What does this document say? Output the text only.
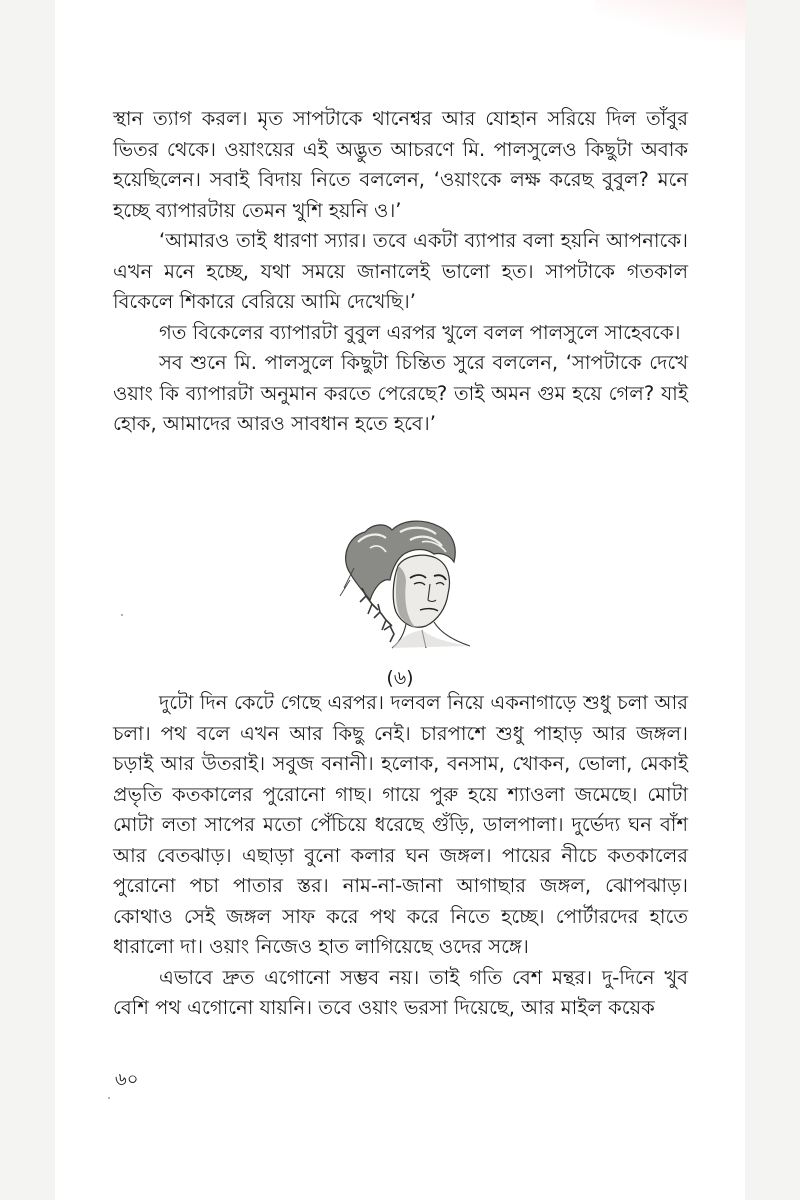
স্থান ত্যাগ করল। মৃত সাপটাকে থানেশ্বর আর যোহান সরিয়ে দিল তাঁবুর ভিতর থেকে। ওয়াংয়ের এই অদ্ভুত আচরণে মি. পালসুলেও কিছুটা অবাক হয়েছিলেন। সবাই বিদায় নিতে বললেন, ‘ওয়াংকে লক্ষ করেছ বুবুল? মনে হচ্ছে ব্যাপারটায় তেমন খুশি হয়নি ও।’

‘আমারও তাই ধারণা স্যার। তবে একটা ব্যাপার বলা হয়নি আপনাকে। এখন মনে হচ্ছে, যথা সময়ে জানালেই ভালো হত। সাপটাকে গতকাল বিকেলে শিকারে বেরিয়ে আমি দেখেছি।’

গত বিকেলের ব্যাপারটা বুবুল এরপর খুলে বলল পালসুলে সাহেবকে।

সব শুনে মি. পালসুলে কিছুটা চিন্তিত সুরে বললেন, ‘সাপটাকে দেখে ওয়াং কি ব্যাপারটা অনুমান করতে পেরেছে? তাই অমন গুম হয়ে গেল? যাই হোক, আমাদের আরও সাবধান হতে হবে।’

(৬)

দুটো দিন কেটে গেছে এরপর। দলবল নিয়ে একনাগাড়ে শুধু চলা আর চলা। পথ বলে এখন আর কিছু নেই। চারপাশে শুধু পাহাড় আর জঙ্গল। চড়াই আর উতরাই। সবুজ বনানী। হলোক, বনসাম, খোকন, ভোলা, মেকাই প্রভৃতি কতকালের পুরোনো গাছ। গায়ে পুরু হয়ে শ্যাওলা জমেছে। মোটা মোটা লতা সাপের মতো পেঁচিয়ে ধরেছে গুঁড়ি, ডালপালা। দুর্ভেদ্য ঘন বাঁশ আর বেতঝাড়। এছাড়া বুনো কলার ঘন জঙ্গল। পায়ের নীচে কতকালের পুরোনো পচা পাতার স্তর। নাম-না-জানা আগাছার জঙ্গল, ঝোপঝাড়। কোথাও সেই জঙ্গল সাফ করে পথ করে নিতে হচ্ছে। পোর্টারদের হাতে ধারালো দা। ওয়াং নিজেও হাত লাগিয়েছে ওদের সঙ্গে।

এভাবে দ্রুত এগোনো সম্ভব নয়। তাই গতি বেশ মন্থর। দু-দিনে খুব বেশি পথ এগোনো যায়নি। তবে ওয়াং ভরসা দিয়েছে, আর মাইল কয়েক

৬০
